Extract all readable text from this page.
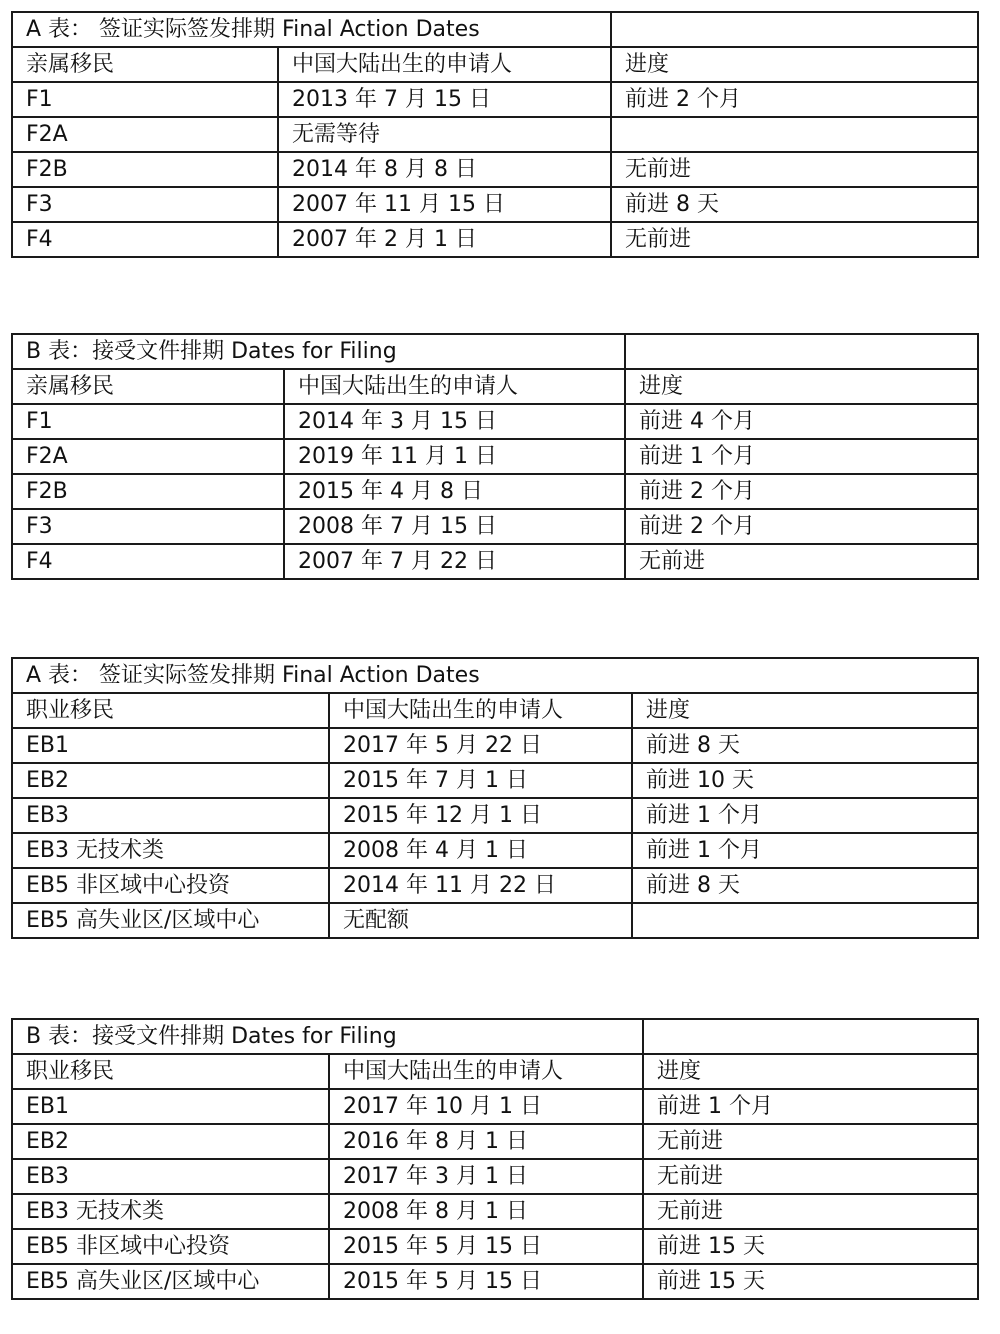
A 表： 签证实际签发排期 Final Action Dates		
亲属移民	中国大陆出生的申请人	进度
F1	2013 年 7 月 15 日	前进 2 个月
F2A	无需等待	
F2B	2014 年 8 月 8 日	无前进
F3	2007 年 11 月 15 日	前进 8 天
F4	2007 年 2 月 1 日	无前进
B 表：接受文件排期 Dates for Filing		
亲属移民	中国大陆出生的申请人	进度
F1	2014 年 3 月 15 日	前进 4 个月
F2A	2019 年 11 月 1 日	前进 1 个月
F2B	2015 年 4 月 8 日	前进 2 个月
F3	2008 年 7 月 15 日	前进 2 个月
F4	2007 年 7 月 22 日	无前进
A 表： 签证实际签发排期 Final Action Dates		
职业移民	中国大陆出生的申请人	进度
EB1	2017 年 5 月 22 日	前进 8 天
EB2	2015 年 7 月 1 日	前进 10 天
EB3	2015 年 12 月 1 日	前进 1 个月
EB3 无技术类	2008 年 4 月 1 日	前进 1 个月
EB5 非区域中心投资	2014 年 11 月 22 日	前进 8 天
EB5 高失业区/区域中心	无配额	
B 表：接受文件排期 Dates for Filing		
职业移民	中国大陆出生的申请人	进度
EB1	2017 年 10 月 1 日	前进 1 个月
EB2	2016 年 8 月 1 日	无前进
EB3	2017 年 3 月 1 日	无前进
EB3 无技术类	2008 年 8 月 1 日	无前进
EB5 非区域中心投资	2015 年 5 月 15 日	前进 15 天
EB5 高失业区/区域中心	2015 年 5 月 15 日	前进 15 天
